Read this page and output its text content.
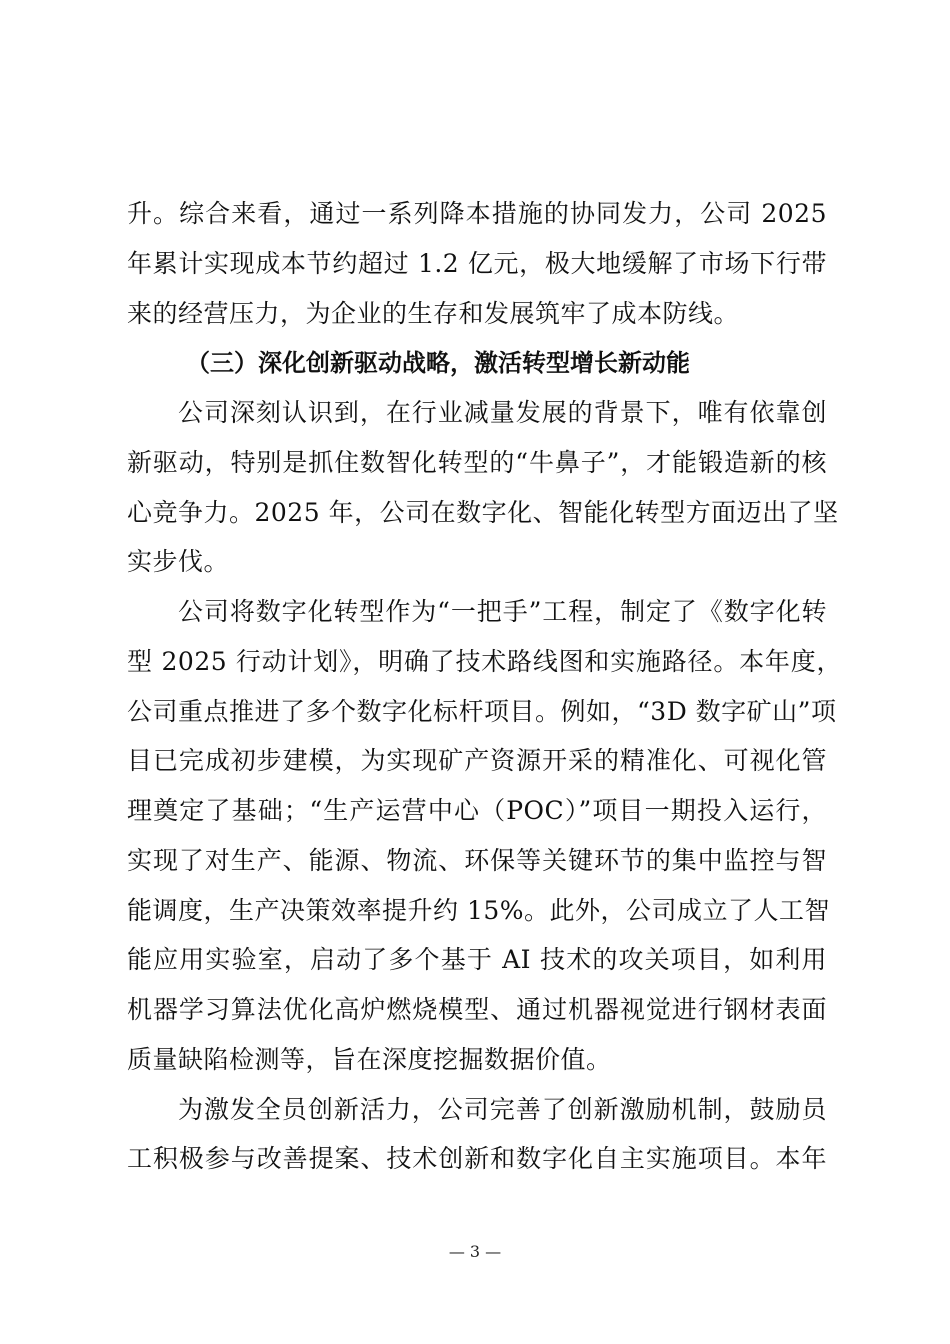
升。综合来看，通过一系列降本措施的协同发力，公司 2025
年累计实现成本节约超过 1.2 亿元，极大地缓解了市场下行带
来的经营压力，为企业的生存和发展筑牢了成本防线。
（三）深化创新驱动战略，激活转型增长新动能
公司深刻认识到，在行业减量发展的背景下，唯有依靠创
新驱动，特别是抓住数智化转型的“牛鼻子”，才能锻造新的核
心竞争力。2025 年，公司在数字化、智能化转型方面迈出了坚
实步伐。
公司将数字化转型作为“一把手”工程，制定了《数字化转
型 2025 行动计划》，明确了技术路线图和实施路径。本年度，
公司重点推进了多个数字化标杆项目。例如，“3D 数字矿山”项
目已完成初步建模，为实现矿产资源开采的精准化、可视化管
理奠定了基础；“生产运营中心（POC）”项目一期投入运行，
实现了对生产、能源、物流、环保等关键环节的集中监控与智
能调度，生产决策效率提升约 15%。此外，公司成立了人工智
能应用实验室，启动了多个基于 AI 技术的攻关项目，如利用
机器学习算法优化高炉燃烧模型、通过机器视觉进行钢材表面
质量缺陷检测等，旨在深度挖掘数据价值。
为激发全员创新活力，公司完善了创新激励机制，鼓励员
工积极参与改善提案、技术创新和数字化自主实施项目。本年
— 3 —
